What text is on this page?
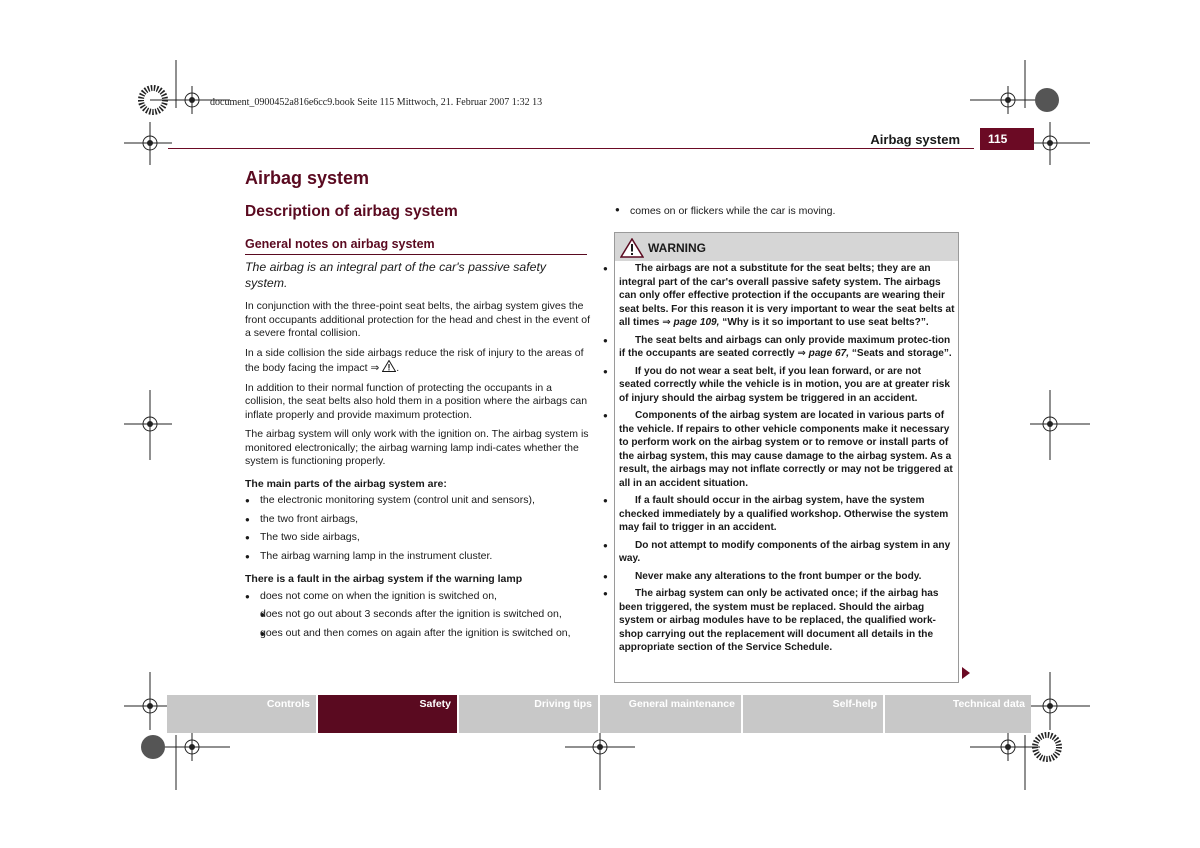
document_0900452a816e6cc9.book Seite 115 Mittwoch, 21. Februar 2007 1:32 13
Airbag system	115
Airbag system
Description of airbag system
General notes on airbag system
The airbag is an integral part of the car's passive safety system.

In conjunction with the three-point seat belts, the airbag system gives the front occupants additional protection for the head and chest in the event of a severe frontal collision.

In a side collision the side airbags reduce the risk of injury to the areas of the body facing the impact ⇒ .

In addition to their normal function of protecting the occupants in a collision, the seat belts also hold them in a position where the airbags can inflate properly and provide maximum protection.

The airbag system will only work with the ignition on. The airbag system is monitored electronically; the airbag warning lamp indi-cates whether the system is functioning properly.

The main parts of the airbag system are:

● the electronic monitoring system (control unit and sensors),
● the two front airbags,
● The two side airbags,
● The airbag warning lamp in the instrument cluster.

There is a fault in the airbag system if the warning lamp

● does not come on when the ignition is switched on,
● does not go out about 3 seconds after the ignition is switched on,
● goes out and then comes on again after the ignition is switched on,
● comes on or flickers while the car is moving.
WARNING
● The airbags are not a substitute for the seat belts; they are an integral part of the car's overall passive safety system. The airbags can only offer effective protection if the occupants are wearing their seat belts. For this reason it is very important to wear the seat belts at all times ⇒ page 109, “Why is it so important to use seat belts?”.
● The seat belts and airbags can only provide maximum protec-tion if the occupants are seated correctly ⇒ page 67, “Seats and storage”.
● If you do not wear a seat belt, if you lean forward, or are not seated correctly while the vehicle is in motion, you are at greater risk of injury should the airbag system be triggered in an accident.
● Components of the airbag system are located in various parts of the vehicle. If repairs to other vehicle components make it necessary to perform work on the airbag system or to remove or install parts of the airbag system, this may cause damage to the airbag system. As a result, the airbags may not inflate correctly or may not be triggered at all in an accident situation.
● If a fault should occur in the airbag system, have the system checked immediately by a qualified workshop. Otherwise the system may fail to trigger in an accident.
● Do not attempt to modify components of the airbag system in any way.
● Never make any alterations to the front bumper or the body.
● The airbag system can only be activated once; if the airbag has been triggered, the system must be replaced. Should the airbag system or airbag modules have to be replaced, the qualified work-shop carrying out the replacement will document all details in the appropriate section of the Service Schedule.
Controls	Safety	Driving tips	General maintenance	Self-help	Technical data
